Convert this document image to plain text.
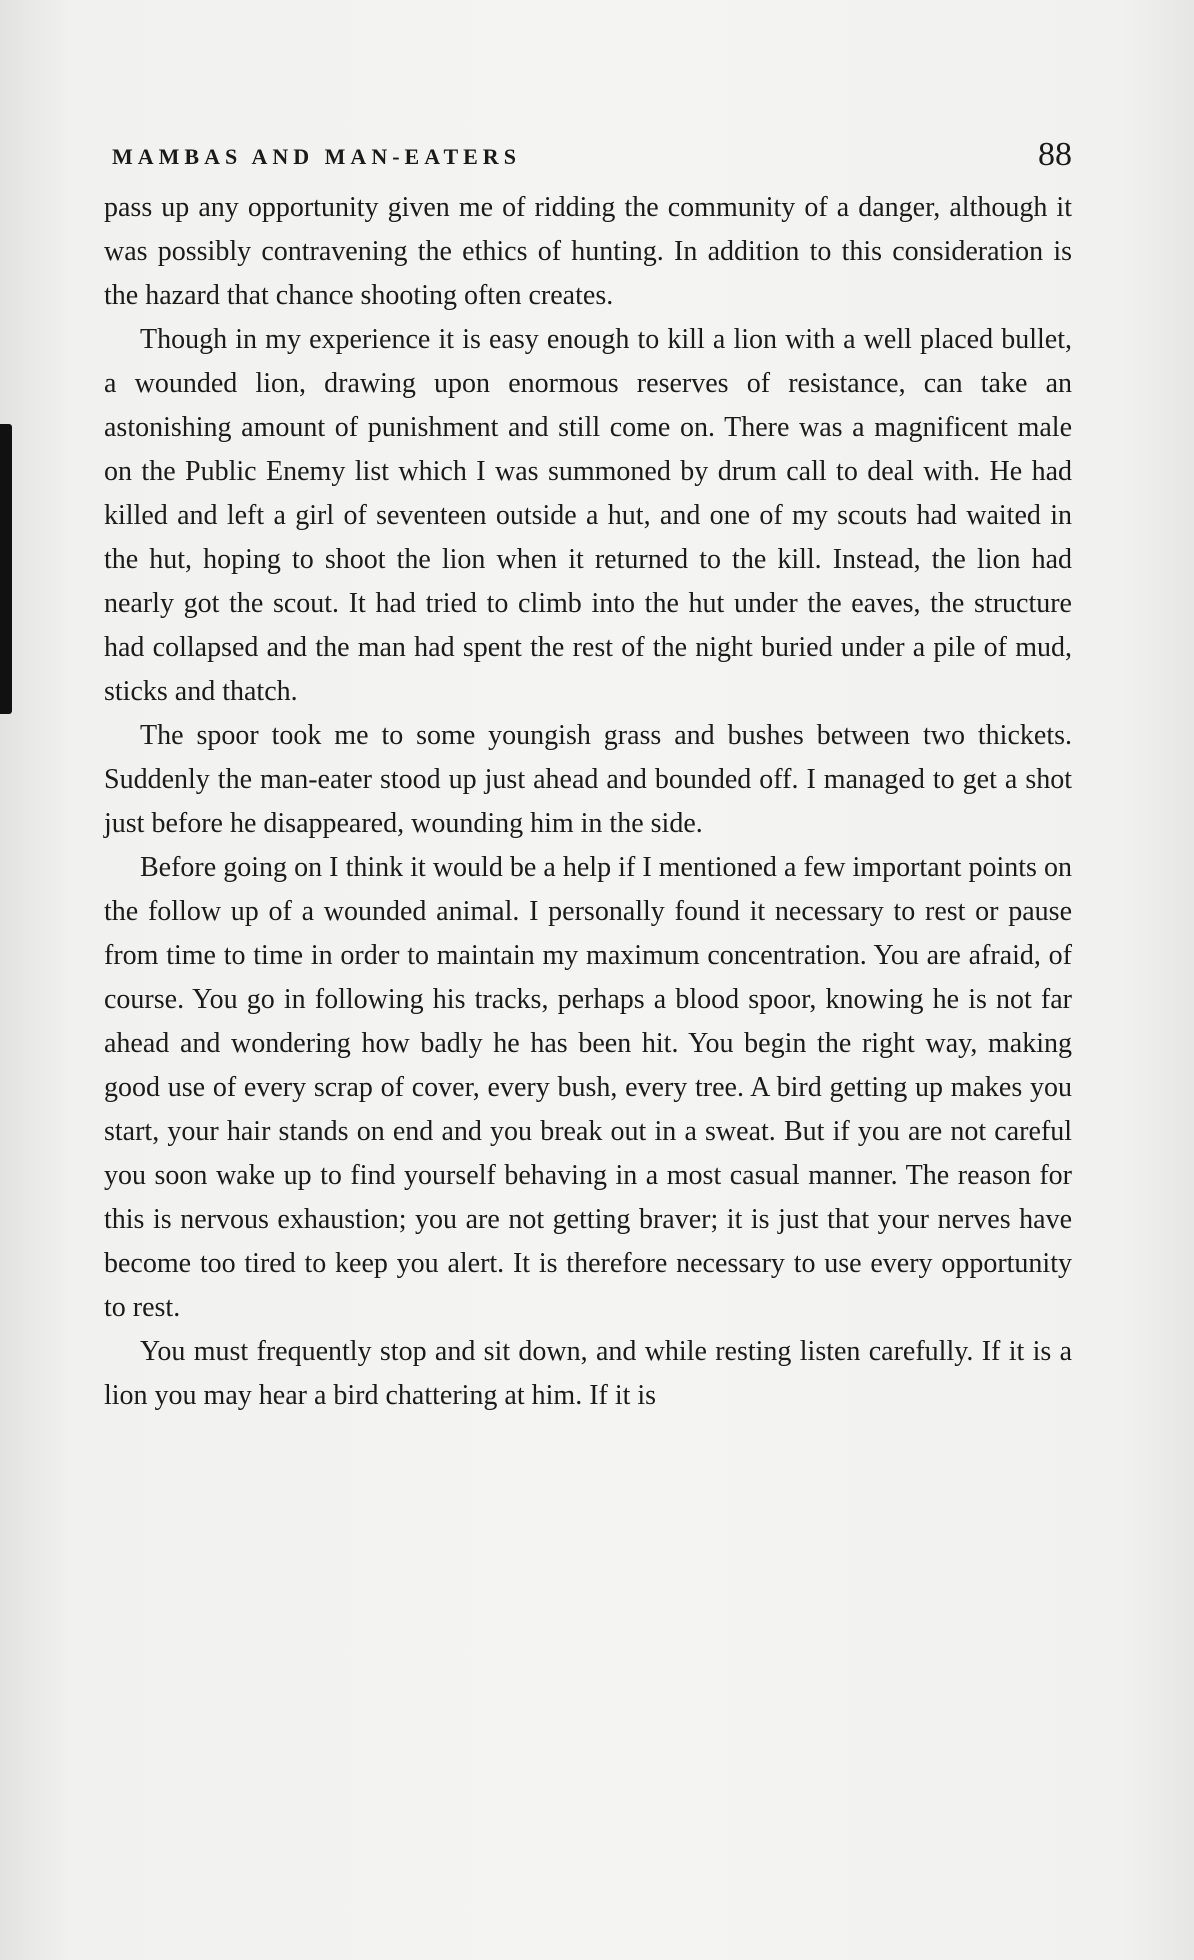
MAMBAS AND MAN-EATERS	88

pass up any opportunity given me of ridding the community of a danger, although it was possibly contravening the ethics of hunting. In addition to this consideration is the hazard that chance shooting often creates.

Though in my experience it is easy enough to kill a lion with a well placed bullet, a wounded lion, drawing upon enormous reserves of resistance, can take an astonishing amount of punishment and still come on. There was a magnificent male on the Public Enemy list which I was summoned by drum call to deal with. He had killed and left a girl of seventeen outside a hut, and one of my scouts had waited in the hut, hoping to shoot the lion when it returned to the kill. Instead, the lion had nearly got the scout. It had tried to climb into the hut under the eaves, the structure had collapsed and the man had spent the rest of the night buried under a pile of mud, sticks and thatch.

The spoor took me to some youngish grass and bushes between two thickets. Suddenly the man-eater stood up just ahead and bounded off. I managed to get a shot just before he disappeared, wounding him in the side.

Before going on I think it would be a help if I mentioned a few important points on the follow up of a wounded animal. I personally found it necessary to rest or pause from time to time in order to maintain my maximum concentration. You are afraid, of course. You go in following his tracks, perhaps a blood spoor, knowing he is not far ahead and wondering how badly he has been hit. You begin the right way, making good use of every scrap of cover, every bush, every tree. A bird getting up makes you start, your hair stands on end and you break out in a sweat. But if you are not careful you soon wake up to find yourself behaving in a most casual manner. The reason for this is nervous exhaustion; you are not getting braver; it is just that your nerves have become too tired to keep you alert. It is therefore necessary to use every opportunity to rest.

You must frequently stop and sit down, and while resting listen carefully. If it is a lion you may hear a bird chattering at him. If it is
